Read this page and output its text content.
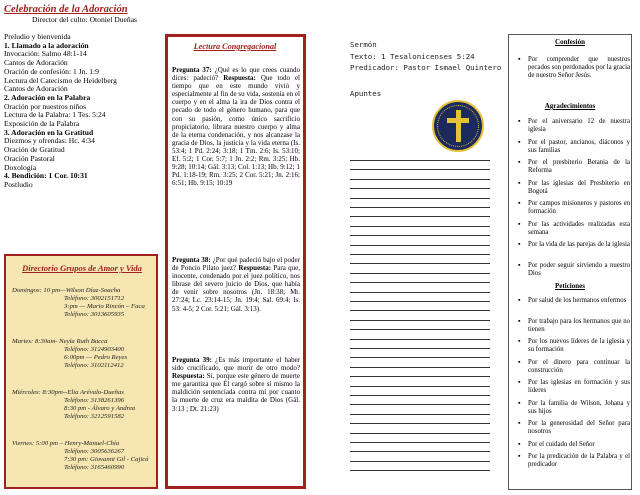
Celebración de la Adoración
Director del culto: Otoniel Dueñas
Preludio y bienvenida
1. Llamado a la adoración
Invocación: Salmo 48:1-14
Cantos de Adoración
Oración de confesión: 1 Jn. 1:9
Lectura del Catecismo de Heidelberg
Cantos de Adoración
2. Adoración en la Palabra
Oración por nuestros niños
Lectura de la Palabra: 1 Tes. 5:24
Exposición de la Palabra
3. Adoración en la Gratitud
Diezmos y ofrendas: Hc. 4:34
Oración de Gratitud
Oración Pastoral
Doxología
4. Bendición: 1 Cor. 10:31
Postludio
Directorio Grupos de Amor y Vida
Domingos: 10 pm—Wilson Díaz-Soacha
Teléfono: 3002151712
3:pm — Mario Rincón – Faca
Teléfono: 3013605935
Martes: 8:30am- Neyla Ruth Bacca
Teléfono: 3124903400
6:00pm — Pedro Reyes
Teléfono: 3102112412
Miércoles: 8:30pm--Elia Arévalo-Dueñas
Teléfono: 3138261396
8:30 pm - Álvaro y Andrea
Teléfono: 3212591582
Viernes: 5:00 pm – Henry-Manuel-Chía
Teléfono: 3005636267
7:30 pm: Giovanni Gil - Cajicá
Teléfono: 3165460990
Lectura Congregacional
Pregunta 37: ¿Qué es lo que crees cuando dices: padeció? Respuesta: Que todo el tiempo que en este mundo vivió y especialmente al fin de su vida, sostenía en el cuerpo y en el alma la ira de Dios contra el pecado de todo el género humano, para que con su pasión, como único sacrificio propiciatorio, librara nuestro cuerpo y alma de la eterna condenación, y nos alcanzase la gracia de Dios, la justicia y la vida eterna (Is. 53:4; 1 Pd. 2:24; 3:18; 1 Tm. 2:6; Is. 53:10; Ef. 5:2; 1 Cor. 5:7; 1 Jn. 2:2; Rm. 3:25; Hb. 9:28; 10:14; Gál. 3:13; Col. 1:13; Hb. 9:12; 1 Pd. 1:18-19; Rm. 3:25; 2 Cor. 5:21; Jn. 2:16; 6:51; Hb. 9:15; 10:19
Pregunta 38: ¿Por qué padeció bajo el poder de Poncio Pilato juez? Respuesta: Para que, inocente, condenado por el juez político, nos librase del severo juicio de Dios, que había de venir sobre nosotros (Jn. 18:38; Mt. 27:24; Lc. 23:14-15; Jn. 19:4; Sal. 69:4; Is. 53: 4-5; 2 Cor. 5:21; Gál. 3:13).
Pregunta 39: ¿Es más importante el haber sido crucificado, que morir de otro modo? Respuesta: Sí, porque este género de muerte me garantiza que Él cargó sobre sí mismo la maldición sentenciada contra mí por cuanto la muerte de cruz era maldita de Dios (Gál. 3:13 ; Dt. 21:23)
Sermón
Texto: 1 Tesalonicenses 5:24
Predicador: Pastor Ismael Quintero
Apuntes
Confesión
▪ Por comprender que nuestros pecados son perdonados por la gracia de nuestro Señor Jesús.
Agradecimientos
▪ Por el aniversario 12 de nuestra iglesia
▪ Por el pastor, ancianos, diáconos y sus familias
▪ Por el presbiterio Betania de la Reforma
▪ Por las iglesias del Presbiterio en Bogotá
▪ Por campos misioneros y pastores en formación
▪ Por las actividades realizadas esta semana
▪ Por la vida de las parejas de la iglesia
▪ Por poder seguir sirviendo a nuestro Dios
Peticiones
▪ Por salud de los hermanos enfermos
▪ Por trabajo para los hermanos que no tienen
▪ Por los nuevos líderes de la iglesia y su formación
▪ Por el dinero para continuar la construcción
▪ Por las iglesias en formación y sus líderes
▪ Por la familia de Wilson, Johana y sus hijos
▪ Por la generosidad del Señor para nosotros
▪ Por el cuidado del Señor
▪ Por la predicación de la Palabra y el predicador
